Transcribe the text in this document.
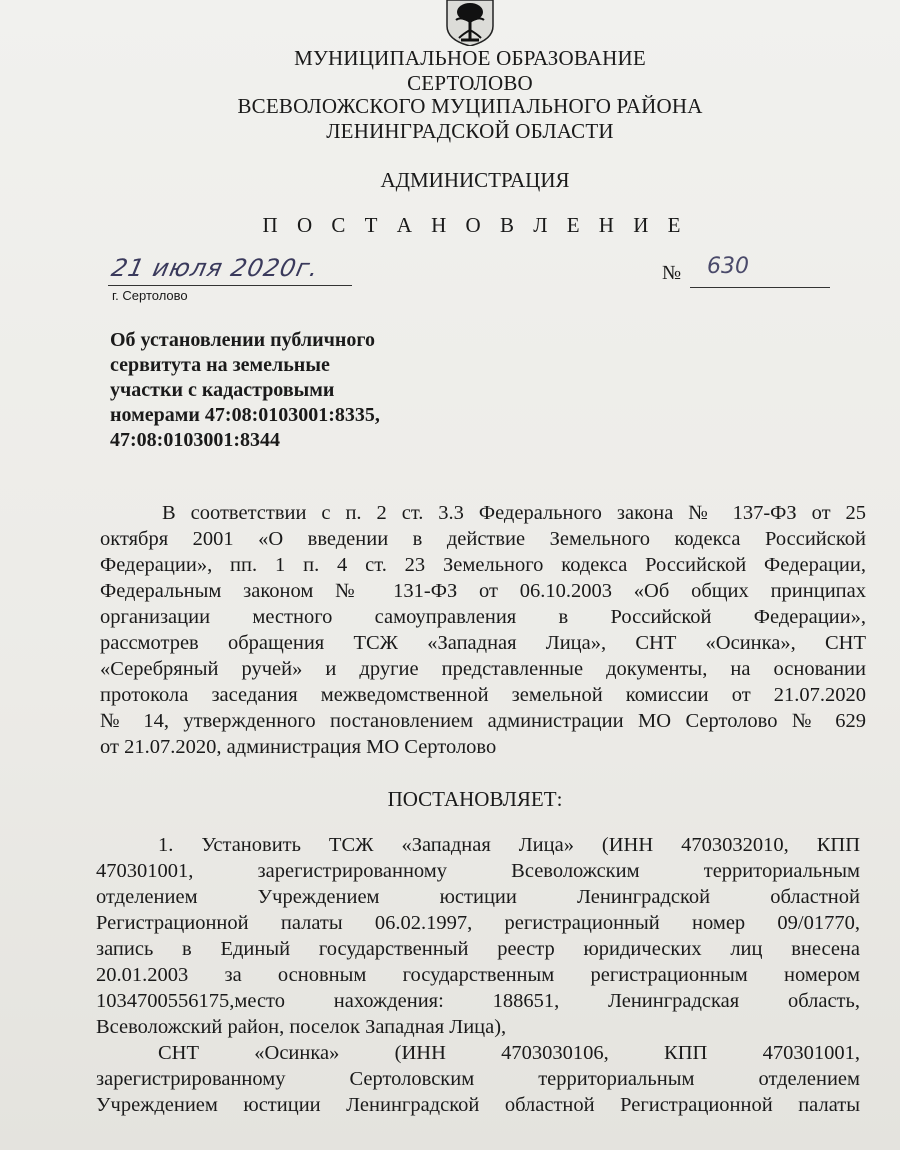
МУНИЦИПАЛЬНОЕ ОБРАЗОВАНИЕ
СЕРТОЛОВО
ВСЕВОЛОЖСКОГО МУЦИПАЛЬНОГО РАЙОНА
ЛЕНИНГРАДСКОЙ ОБЛАСТИ
АДМИНИСТРАЦИЯ
П О С Т А Н О В Л Е Н И Е
21 июля 2020г.
г. Сертолово
№ 630
Об установлении публичного
сервитута на земельные
участки с кадастровыми
номерами 47:08:0103001:8335,
47:08:0103001:8344
В соответствии с п. 2 ст. 3.3 Федерального закона № 137-ФЗ от 25
октября 2001 «О введении в действие Земельного кодекса Российской
Федерации», пп. 1 п. 4 ст. 23 Земельного кодекса Российской Федерации,
Федеральным законом № 131-ФЗ от 06.10.2003 «Об общих принципах
организации местного самоуправления в Российской Федерации»,
рассмотрев обращения ТСЖ «Западная Лица», СНТ «Осинка», СНТ
«Серебряный ручей» и другие представленные документы, на основании
протокола заседания межведомственной земельной комиссии от 21.07.2020
№ 14, утвержденного постановлением администрации МО Сертолово № 629
от 21.07.2020, администрация МО Сертолово
ПОСТАНОВЛЯЕТ:
1. Установить ТСЖ «Западная Лица» (ИНН 4703032010, КПП
470301001, зарегистрированному Всеволожским территориальным
отделением Учреждением юстиции Ленинградской областной
Регистрационной палаты 06.02.1997, регистрационный номер 09/01770,
запись в Единый государственный реестр юридических лиц внесена
20.01.2003 за основным государственным регистрационным номером
1034700556175,место нахождения: 188651, Ленинградская область,
Всеволожский район, поселок Западная Лица),
СНТ «Осинка» (ИНН 4703030106, КПП 470301001,
зарегистрированному Сертоловским территориальным отделением
Учреждением юстиции Ленинградской областной Регистрационной палаты
